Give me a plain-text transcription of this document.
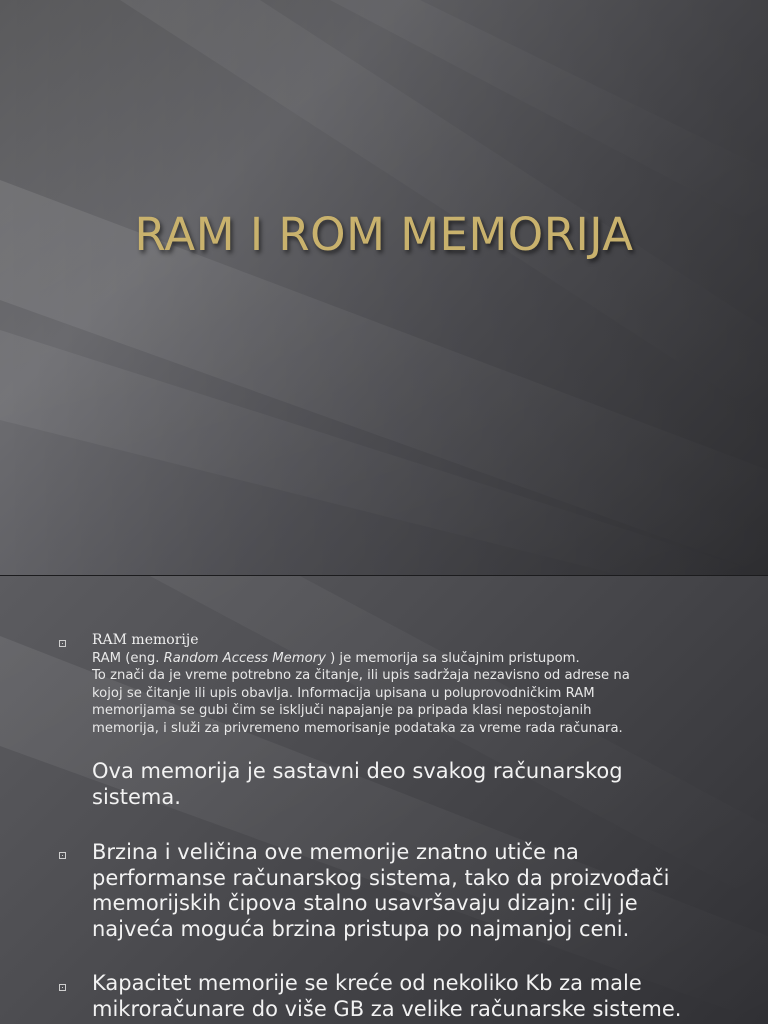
RAM I ROM MEMORIJA
RAM memorije
RAM (eng. Random Access Memory ) je memorija sa slučajnim pristupom.
To znači da je vreme potrebno za čitanje, ili upis sadržaja nezavisno od adrese na
kojoj se čitanje ili upis obavlja. Informacija upisana u poluprovodničkim RAM
memorijama se gubi čim se isključi napajanje pa pripada klasi nepostojanih
memorija, i služi za privremeno memorisanje podataka za vreme rada računara.
Ova memorija je sastavni deo svakog računarskog
sistema.
Brzina i veličina ove memorije znatno utiče na
performanse računarskog sistema, tako da proizvođači
memorijskih čipova stalno usavršavaju dizajn: cilj je
najveća moguća brzina pristupa po najmanjoj ceni.
Kapacitet memorije se kreće od nekoliko Kb za male
mikroračunare do više GB za velike računarske sisteme.
